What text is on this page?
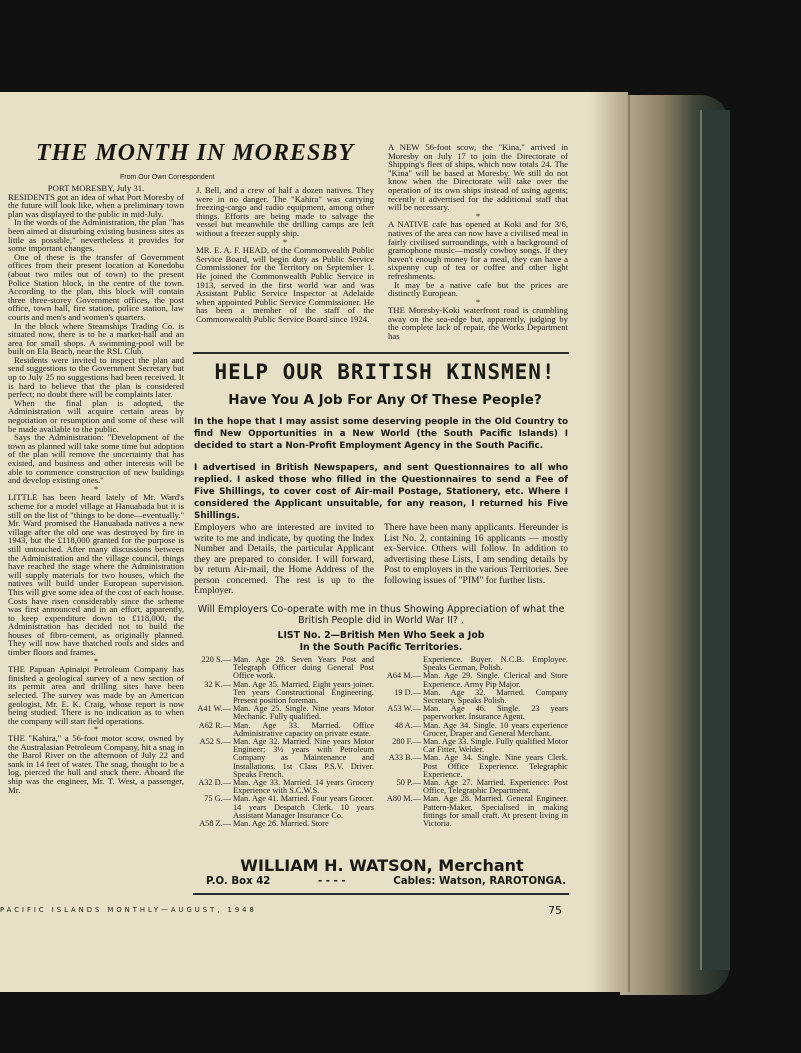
THE MONTH IN MORESBY
From Our Own Correspondent

PORT MORESBY, July 31.

RESIDENTS got an idea of what Port Moresby of the future will look like, when a preliminary town plan was displayed to the public in mid-July.

In the words of the Administration, the plan "has been aimed at disturbing existing business sites as little as possible," nevertheless it provides for some important changes.

One of these is the transfer of Government offices from their present location at Konedobu (about two miles out of town) to the present Police Station block, in the centre of the town. According to the plan, this block will contain three three-storey Government offices, the post office, town hall, fire station, police station, law courts and men's and women's quarters.

In the block where Steamships Trading Co. is situated now, there is to be a market-hall and an area for small shops. A swimming-pool will be built on Ela Beach, near the RSL Club.

Residents were invited to inspect the plan and send suggestions to the Government Secretary but up to July 25 no suggestions had been received. It is hard to believe that the plan is considered perfect; no doubt there will be complaints later.

When the final plan is adopted, the Administration will acquire certain areas by negotiation or resumption and some of these will be made available to the public.

Says the Administration: "Development of the town as planned will take some time but adoption of the plan will remove the uncertainty that has existed, and business and other interests will be able to commence construction of new buildings and develop existing ones."

*

LITTLE has been heard lately of Mr. Ward's scheme for a model village at Hanuabada but it is still on the list of "things to be done—eventually." Mr. Ward promised the Hanuabada natives a new village after the old one was destroyed by fire in 1943, but the £118,000 granted for the purpose is still untouched. After many discussions between the Administration and the village council, things have reached the stage where the Administration will supply materials for two houses, which the natives will build under European supervision. This will give some idea of the cost of each house. Costs have risen considerably since the scheme was first announced and in an effort, apparently, to keep expenditure down to £118,000, the Administration has decided not to build the houses of fibro-cement, as originally planned. They will now have thatched roofs and sides and timber floors and frames.

*

THE Papuan Apinaipi Petroleum Company has finished a geological survey of a new section of its permit area and drilling sites have been selected. The survey was made by an American geologist, Mr. E. K. Craig, whose report is now being studied. There is no indication as to when the company will start field operations.

*

THE "Kahira," a 56-foot motor scow, owned by the Australasian Petroleum Company, hit a snag in the Barol River on the afternoon of July 22 and sank in 14 feet of water. The snag, thought to be a log, pierced the hull and stuck there. Aboard the ship was the engineer, Mr. T. West, a passenger, Mr.

J. Bell, and a crew of half a dozen natives. They were in no danger. The "Kahira" was carrying freezing-cargo and radio equipment, among other things. Efforts are being made to salvage the vessel but meanwhile the drilling camps are left without a freezer supply ship.

*

MR. E. A. F. HEAD, of the Commonwealth Public Service Board, will begin duty as Public Service Commissioner for the Territory on September 1. He joined the Commonwealth Public Service in 1913, served in the first world war and was Assistant Public Service Inspector at Adelaide when appointed Public Service Commissioner. He has been a member of the staff of the Commonwealth Public Service Board since 1924.

A NEW 56-foot scow, the "Kina," arrived in Moresby on July 17 to join the Directorate of Shipping's fleet of ships, which now totals 24. The "Kina" will be based at Moresby. We still do not know when the Directorate will take over the operation of its own ships instead of using agents; recently it advertised for the additional staff that will be necessary.

*

A NATIVE cafe has opened at Koki and for 3/6, natives of the area can now have a civilised meal in fairly civilised surroundings, with a background of gramophone music—mostly cowboy songs. If they haven't enough money for a meal, they can have a sixpenny cup of tea or coffee and other light refreshments.

It may be a native cafe but the prices are distinctly European.

*

THE Moresby-Koki waterfront road is crumbling away on the sea-edge but, apparently, judging by the complete lack of repair, the Works Department has

HELP OUR BRITISH KINSMEN!
Have You A Job For Any Of These People?
In the hope that I may assist some deserving people in the Old Country to find New Opportunities in a New World (the South Pacific Islands) I decided to start a Non-Profit Employment Agency in the South Pacific.
I advertised in British Newspapers, and sent Questionnaires to all who replied. I asked those who filled in the Questionnaires to send a Fee of Five Shillings, to cover cost of Air-mail Postage, Stationery, etc. Where I considered the Applicant unsuitable, for any reason, I returned his Five Shillings.
Employers who are interested are invited to write to me and indicate, by quoting the Index Number and Details, the particular Applicant they are prepared to consider. I will forward, by return Air-mail, the Home Address of the person concerned. The rest is up to the Employer.
There have been many applicants. Hereunder is List No. 2, containing 16 applicants — mostly ex-Service. Others will follow. In addition to advertising these Lists, I am sending details by Post to employers in the various Territories. See following issues of "PIM" for further lists.
Will Employers Co-operate with me in thus Showing Appreciation of what the British People did in World War II? ,
LIST No. 2—British Men Who Seek a Job
In the South Pacific Territories.
220 S.— Man. Age 29. Seven Years Post and Telegraph Officer doing General Post Office work.
32 K.— Man. Age 35. Married. Eight years joiner. Ten years Constructional Engineering. Present position foreman.
A41 W.— Man. Age 25. Single. Nine years Motor Mechanic. Fully qualified.
A62 R.— Man. Age 33. Married. Office Administrative capacity on private estate.
A52 S.— Man. Age 32. Married. Nine years Motor Engineer; 3½ years with Petroleum Company as Maintenance and Installations. 1st Class P.S.V. Driver. Speaks French.
A32 D.— Man. Age 33. Married. 14 years Grocery Experience with S.C.W.S.
75 G.— Man. Age 41. Married. Four years Grocer. 14 years Despatch Clerk. 10 years Assistant Manager Insurance Co.
A58 Z.— Man. Age 26. Married. Store
Experience. Buyer. N.C.B. Employee. Speaks German, Polish.
A64 M.— Man. Age 29. Single. Clerical and Store Experience. Army Pip Major.
19 D.— Man. Age 32. Married. Company Secretary. Speaks Polish.
A53 W.— Man. Age 46. Single. 23 years paperworker. Insurance Agent.
48 A.— Man. Age 34. Single. 10 years experience Grocer, Draper and General Merchant.
280 F.— Man. Age 33. Single. Fully qualified Motor Car Fitter, Welder.
A33 B.— Man. Age 34. Single. Nine years Clerk. Post Office Experience. Telegraphic Experience.
50 P.— Man. Age 27. Married. Experience: Post Office, Telegraphic Department.
A80 M.— Man. Age 28. Married. General Engineer. Pattern-Maker. Specialised in making fittings for small craft. At present living in Victoria.
WILLIAM H. WATSON, Merchant
P.O. Box 42	- - - -	Cables: Watson, RAROTONGA.
PACIFIC ISLANDS MONTHLY—AUGUST, 1948	75
